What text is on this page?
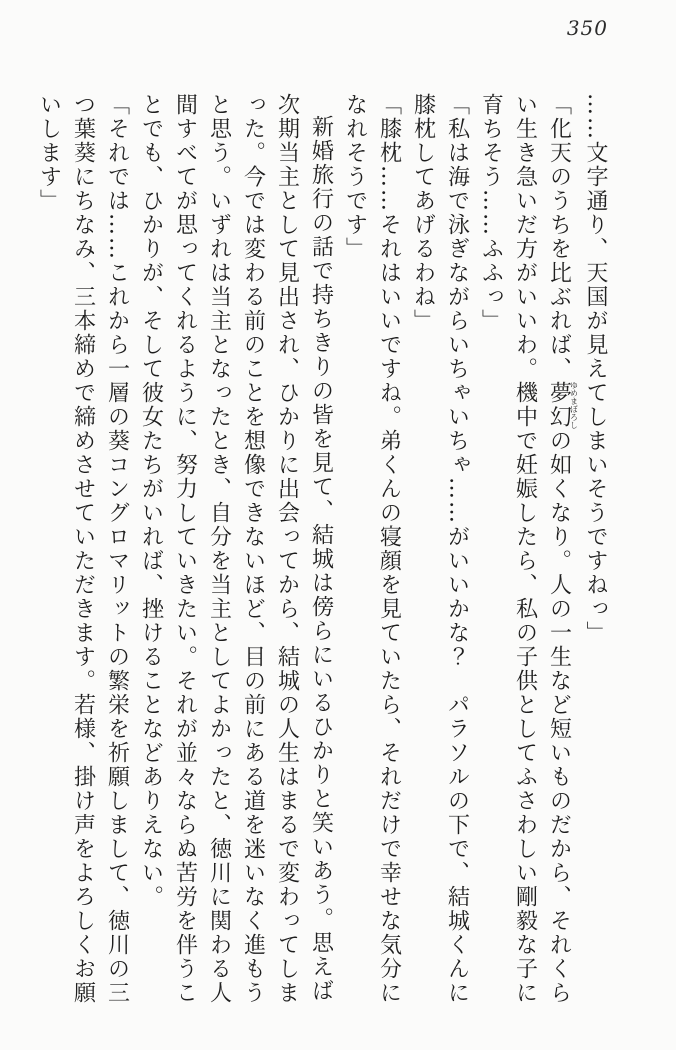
350

……文字通り、天国が見えてしまいそうですねっ」

「化天のうちを比ぶれば、夢幻ゆめまぼろしの如くなり。人の一生など短いものだから、それくらい生き急いだ方がいいわ。機中で妊娠したら、私の子供としてふさわしい剛毅な子に育ちそう……ふふっ」

「私は海で泳ぎながらいちゃいちゃ……がいいかな？　パラソルの下で、結城くんに膝枕してあげるわね」

「膝枕……それはいいですね。弟くんの寝顔を見ていたら、それだけで幸せな気分になれそうです」

新婚旅行の話で持ちきりの皆を見て、結城は傍らにいるひかりと笑いあう。思えば次期当主として見出され、ひかりに出会ってから、結城の人生はまるで変わってしまった。今では変わる前のことを想像できないほど、目の前にある道を迷いなく進もうと思う。いずれは当主となったとき、自分を当主としてよかったと、徳川に関わる人間すべてが思ってくれるように、努力していきたい。それが並々ならぬ苦労を伴うことでも、ひかりが、そして彼女たちがいれば、挫けることなどありえない。

「それでは……これから一層の葵コングロマリットの繁栄を祈願しまして、徳川の三つ葉葵にちなみ、三本締めで締めさせていただきます。若様、掛け声をよろしくお願いします」
